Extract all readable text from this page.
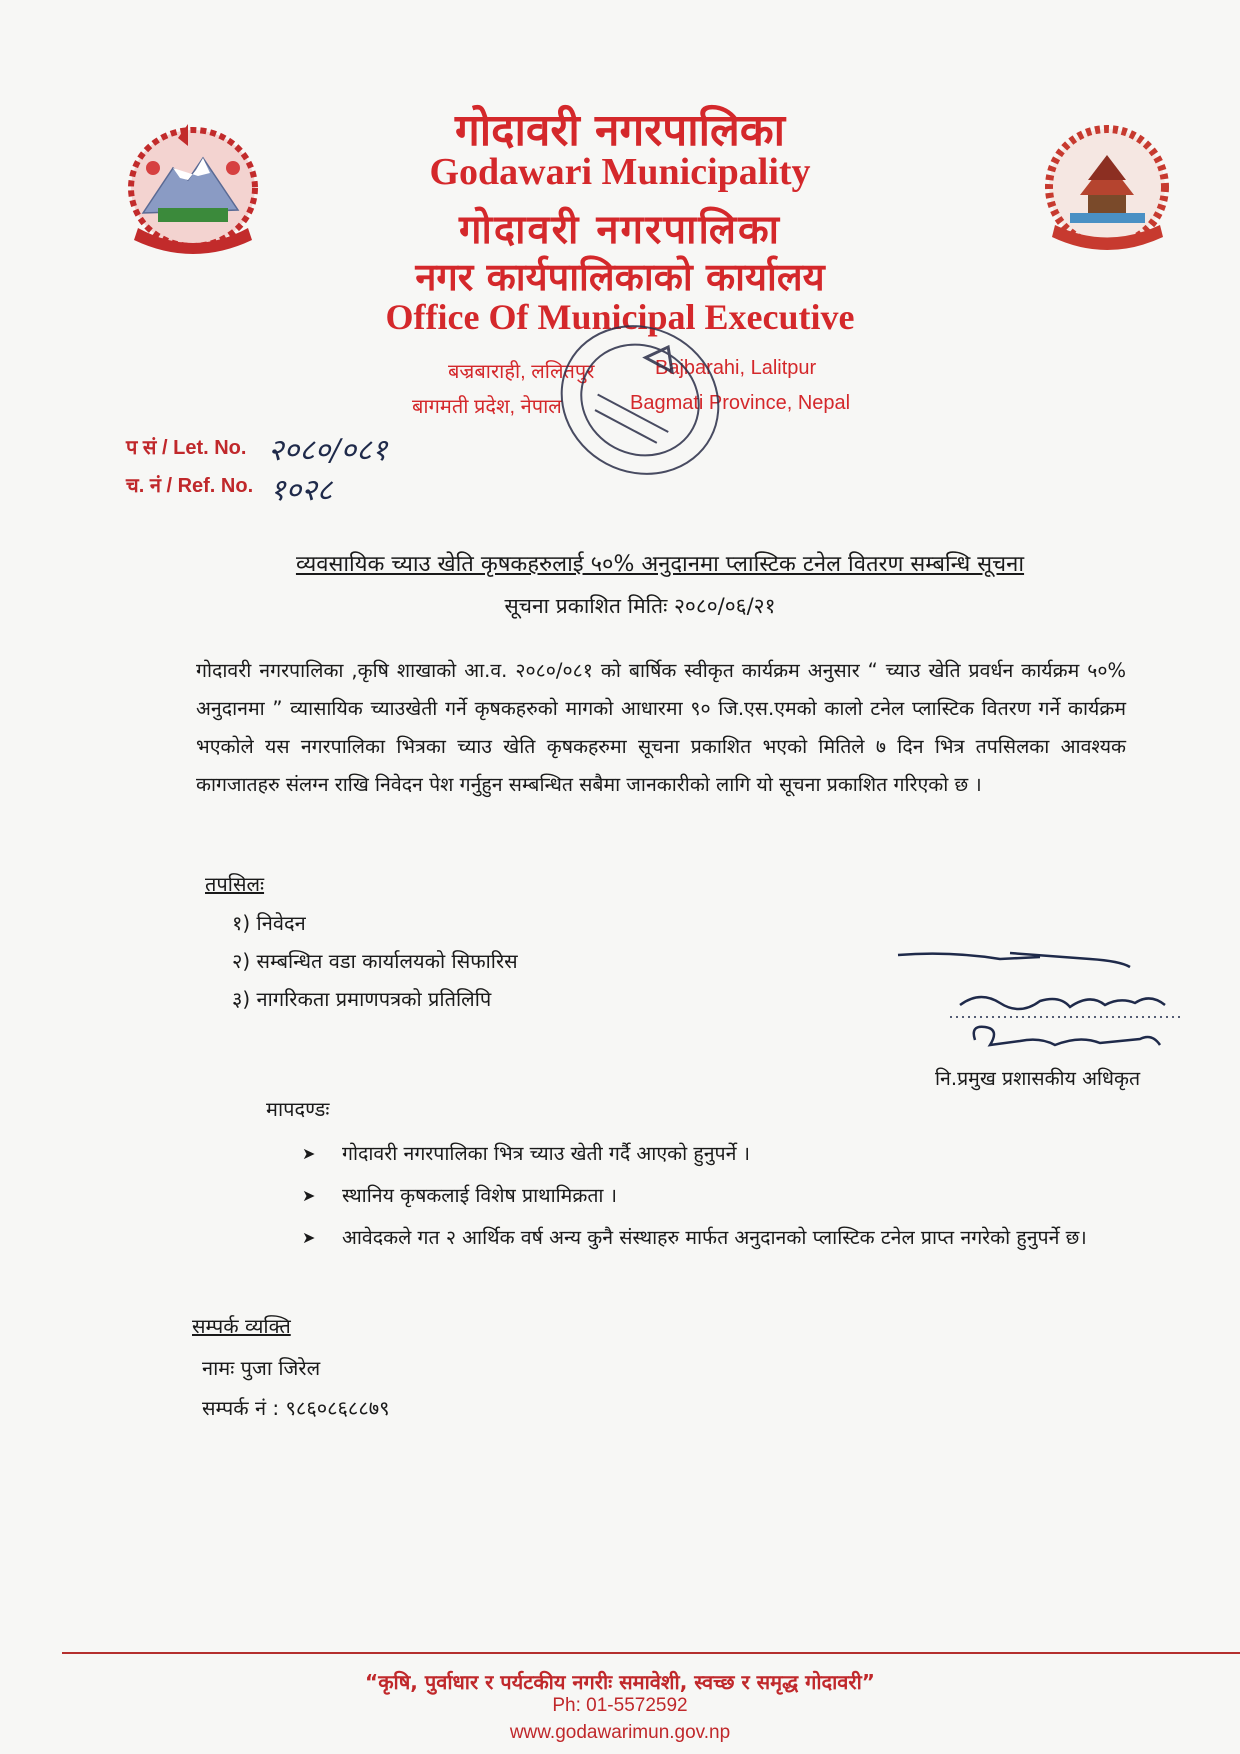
गोदावरी नगरपालिका
Godawari Municipality
गोदावरी नगरपालिका
नगर कार्यपालिकाको कार्यालय
Office Of Municipal Executive
बज्रबाराही, ललितपुर	Bajbarahi, Lalitpur
बागमती प्रदेश, नेपाल	Bagmati Province, Nepal
प सं / Let. No. २०८०/०८१
च. नं / Ref. No. १०२८
व्यवसायिक च्याउ खेति कृषकहरुलाई ५०% अनुदानमा प्लास्टिक टनेल वितरण सम्बन्धि सूचना
सूचना प्रकाशित मितिः २०८०/०६/२१
गोदावरी नगरपालिका ,कृषि शाखाको आ.व. २०८०/०८१ को बार्षिक स्वीकृत कार्यक्रम अनुसार “ च्याउ खेति प्रवर्धन कार्यक्रम ५०% अनुदानमा ” व्यासायिक च्याउखेती गर्ने कृषकहरुको मागको आधारमा ९० जि.एस.एमको कालो टनेल प्लास्टिक वितरण गर्ने कार्यक्रम भएकोले यस नगरपालिका भित्रका च्याउ खेति कृषकहरुमा सूचना प्रकाशित भएको मितिले ७ दिन भित्र तपसिलका आवश्यक कागजातहरु संलग्न राखि निवेदन पेश गर्नुहुन सम्बन्धित सबैमा जानकारीको लागि यो सूचना प्रकाशित गरिएको छ ।
तपसिलः
१) निवेदन
२) सम्बन्धित वडा कार्यालयको सिफारिस
३) नागरिकता प्रमाणपत्रको प्रतिलिपि
नि.प्रमुख प्रशासकीय अधिकृत
मापदण्डः
➤ गोदावरी नगरपालिका भित्र च्याउ खेती गर्दै आएको हुनुपर्ने ।
➤ स्थानिय कृषकलाई विशेष प्राथामिक्रता ।
➤ आवेदकले गत २ आर्थिक वर्ष अन्य कुनै संस्थाहरु मार्फत अनुदानको प्लास्टिक टनेल प्राप्त नगरेको हुनुपर्ने छ।
सम्पर्क व्यक्ति
नामः पुजा जिरेल
सम्पर्क नं : ९८६०८६८८७९
“कृषि, पुर्वाधार र पर्यटकीय नगरीः समावेशी, स्वच्छ र समृद्ध गोदावरी”
Ph: 01-5572592
www.godawarimun.gov.np
